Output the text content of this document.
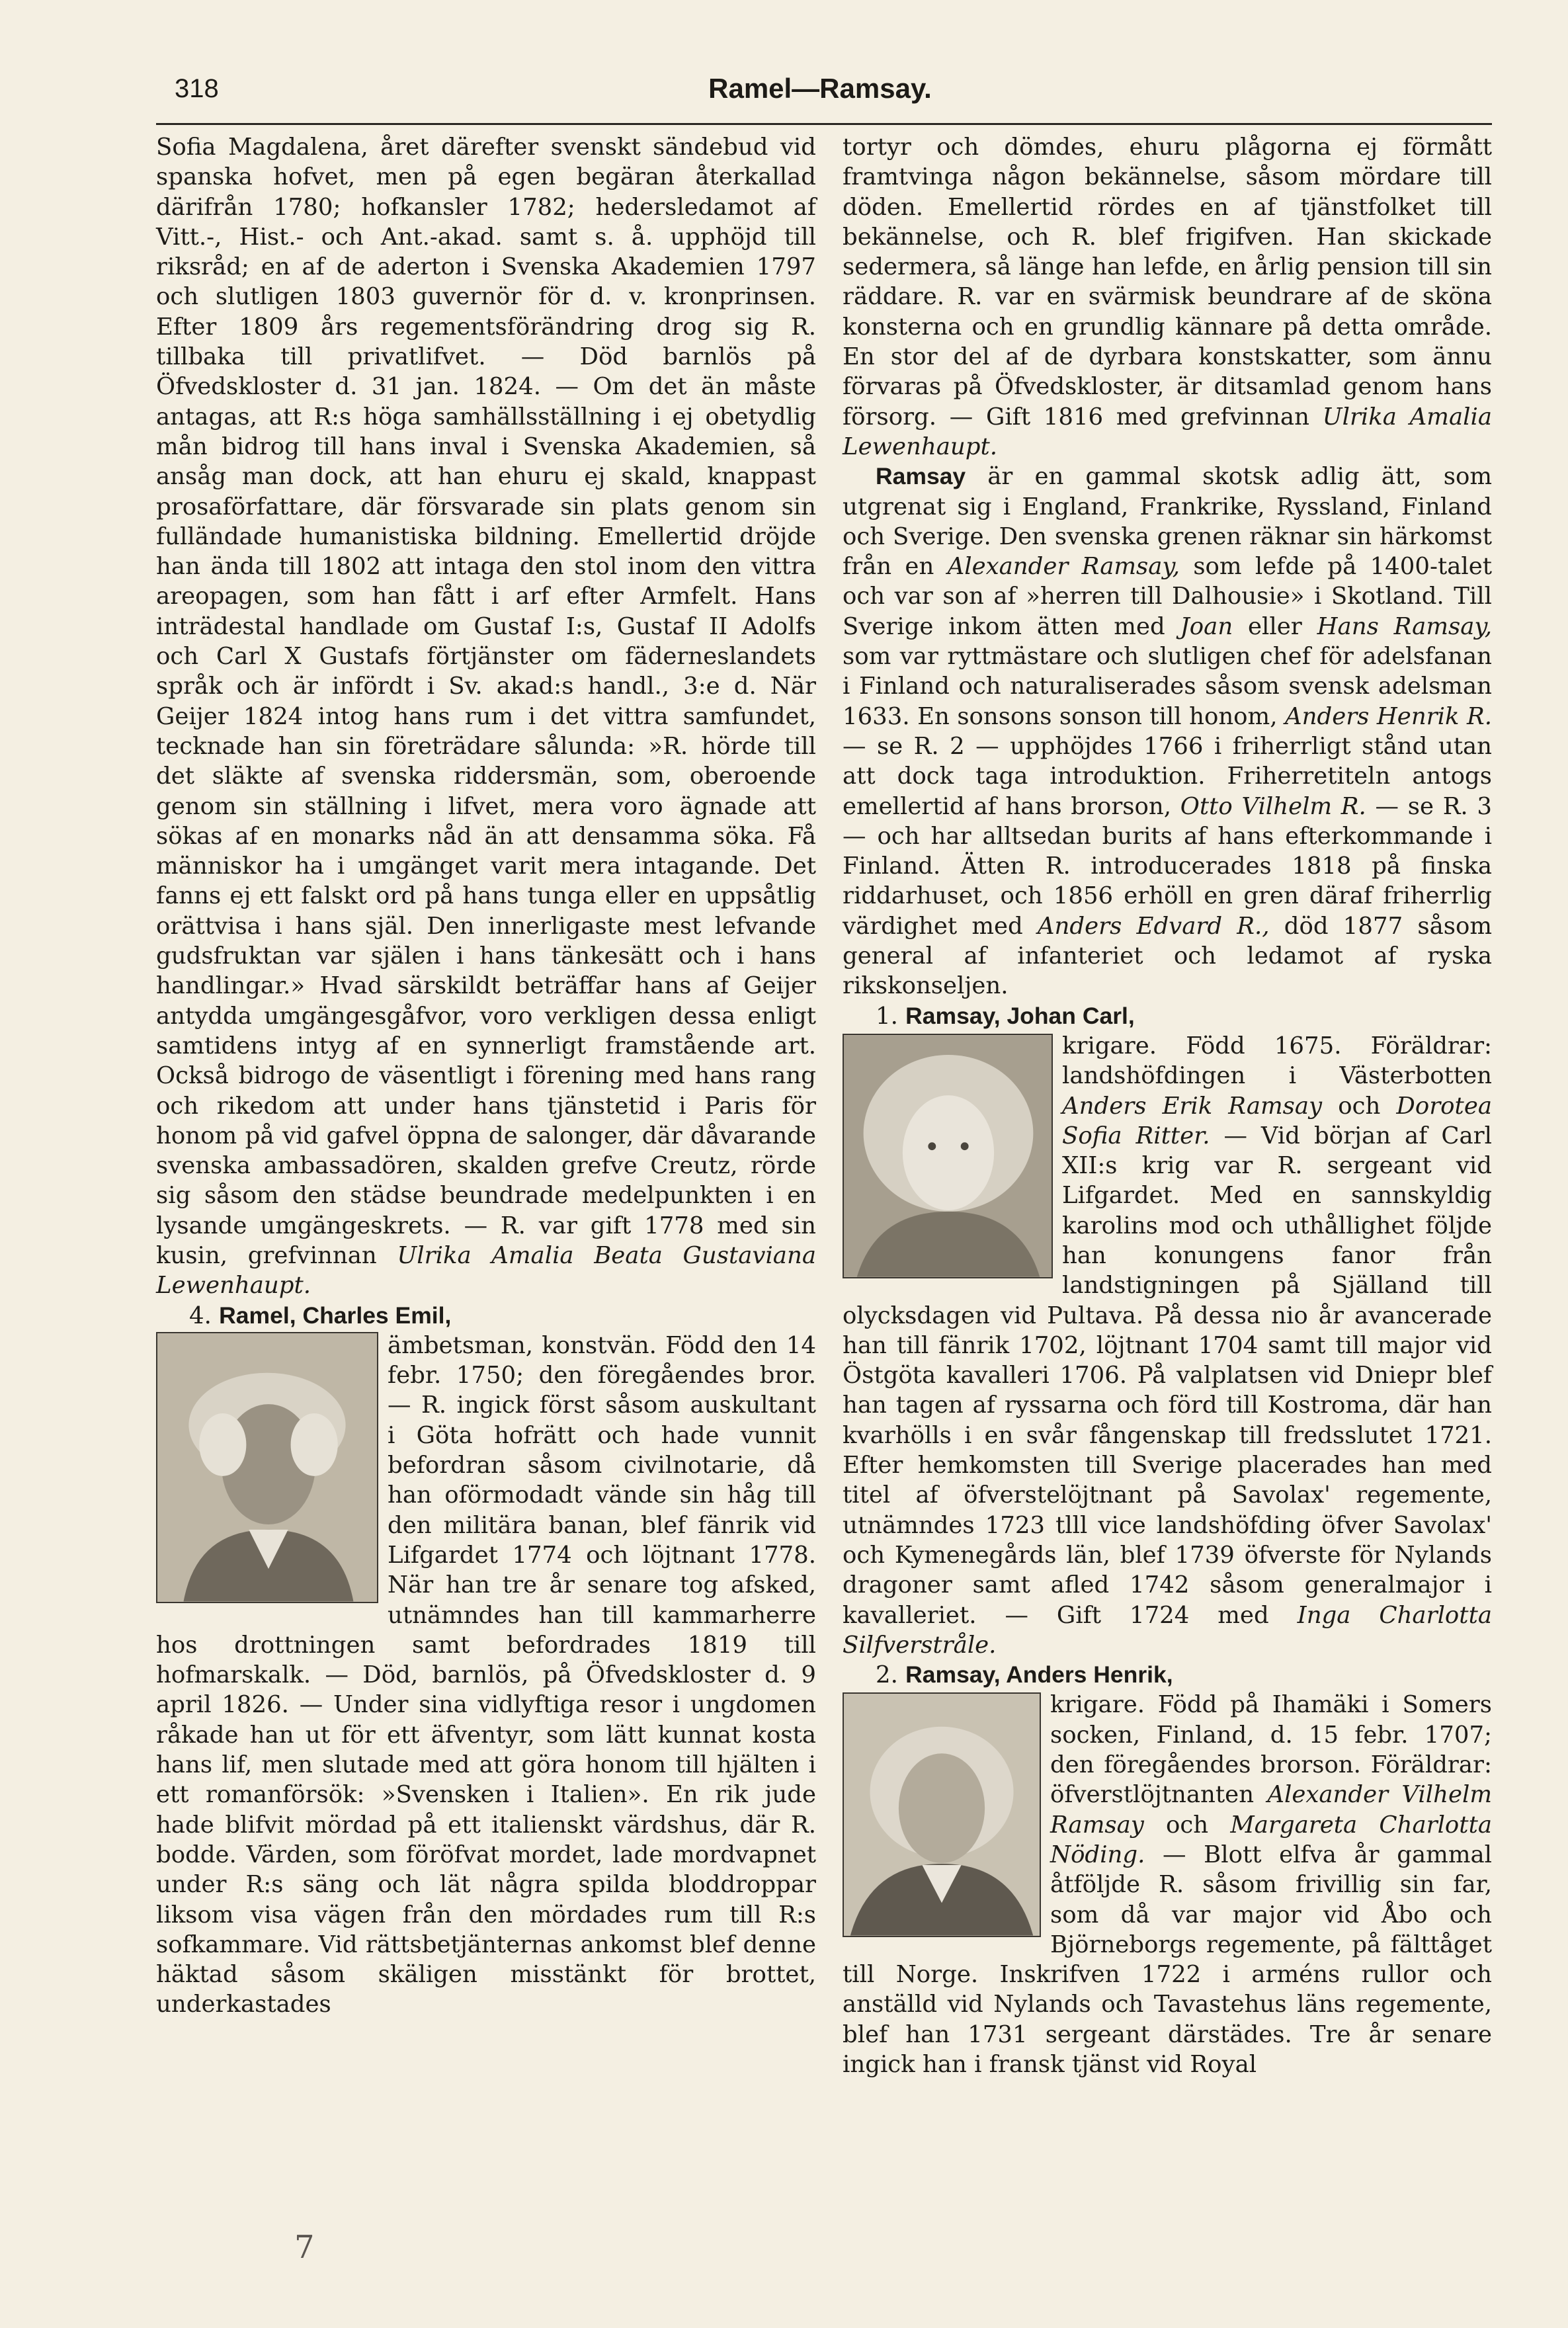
318	Ramel—Ramsay.

Sofia Magdalena, året därefter svenskt sändebud vid spanska hofvet, men på egen begäran återkallad därifrån 1780; hofkansler 1782; hedersledamot af Vitt.-, Hist.- och Ant.-akad. samt s. å. upphöjd till riksråd; en af de aderton i Svenska Akademien 1797 och slutligen 1803 guvernör för d. v. kronprinsen. Efter 1809 års regementsförändring drog sig R. tillbaka till privatlifvet. — Död barnlös på Öfvedskloster d. 31 jan. 1824. — Om det än måste antagas, att R:s höga samhällsställning i ej obetydlig mån bidrog till hans inval i Svenska Akademien, så ansåg man dock, att han ehuru ej skald, knappast prosaförfattare, där försvarade sin plats genom sin fulländade humanistiska bildning. Emellertid dröjde han ända till 1802 att intaga den stol inom den vittra areopagen, som han fått i arf efter Armfelt. Hans inträdestal handlade om Gustaf I:s, Gustaf II Adolfs och Carl X Gustafs förtjänster om fäderneslandets språk och är infördt i Sv. akad:s handl., 3:e d. När Geijer 1824 intog hans rum i det vittra samfundet, tecknade han sin företrädare sålunda: »R. hörde till det släkte af svenska riddersmän, som, oberoende genom sin ställning i lifvet, mera voro ägnade att sökas af en monarks nåd än att densamma söka. Få människor ha i umgänget varit mera intagande. Det fanns ej ett falskt ord på hans tunga eller en uppsåtlig orättvisa i hans själ. Den innerligaste mest lefvande gudsfruktan var själen i hans tänkesätt och i hans handlingar.» Hvad särskildt beträffar hans af Geijer antydda umgängesgåfvor, voro verkligen dessa enligt samtidens intyg af en synnerligt framstående art. Också bidrogo de väsentligt i förening med hans rang och rikedom att under hans tjänstetid i Paris för honom på vid gafvel öppna de salonger, där dåvarande svenska ambassadören, skalden grefve Creutz, rörde sig såsom den städse beundrade medelpunkten i en lysande umgängeskrets. — R. var gift 1778 med sin kusin, grefvinnan Ulrika Amalia Beata Gustaviana Lewenhaupt.

4. Ramel, Charles Emil,

ämbetsman, konstvän. Född den 14 febr. 1750; den föregåendes bror. — R. ingick först såsom auskultant i Göta hofrätt och hade vunnit befordran såsom civilnotarie, då han oförmodadt vände sin håg till den militära banan, blef fänrik vid Lifgardet 1774 och löjtnant 1778. När han tre år senare tog afsked, utnämndes han till kammarherre hos drottningen samt befordrades 1819 till hofmarskalk. — Död, barnlös, på Öfvedskloster d. 9 april 1826. — Under sina vidlyftiga resor i ungdomen råkade han ut för ett äfventyr, som lätt kunnat kosta hans lif, men slutade med att göra honom till hjälten i ett romanförsök: »Svensken i Italien». En rik jude hade blifvit mördad på ett italienskt värdshus, där R. bodde. Värden, som föröfvat mordet, lade mordvapnet under R:s säng och lät några spilda bloddroppar liksom visa vägen från den mördades rum till R:s sofkammare. Vid rättsbetjänternas ankomst blef denne häktad såsom skäligen misstänkt för brottet, underkastades

tortyr och dömdes, ehuru plågorna ej förmått framtvinga någon bekännelse, såsom mördare till döden. Emellertid rördes en af tjänstfolket till bekännelse, och R. blef frigifven. Han skickade sedermera, så länge han lefde, en årlig pension till sin räddare. R. var en svärmisk beundrare af de sköna konsterna och en grundlig kännare på detta område. En stor del af de dyrbara konstskatter, som ännu förvaras på Öfvedskloster, är ditsamlad genom hans försorg. — Gift 1816 med grefvinnan Ulrika Amalia Lewenhaupt.

Ramsay är en gammal skotsk adlig ätt, som utgrenat sig i England, Frankrike, Ryssland, Finland och Sverige. Den svenska grenen räknar sin härkomst från en Alexander Ramsay, som lefde på 1400-talet och var son af »herren till Dalhousie» i Skotland. Till Sverige inkom ätten med Joan eller Hans Ramsay, som var ryttmästare och slutligen chef för adelsfanan i Finland och naturaliserades såsom svensk adelsman 1633. En sonsons sonson till honom, Anders Henrik R. — se R. 2 — upphöjdes 1766 i friherrligt stånd utan att dock taga introduktion. Friherretiteln antogs emellertid af hans brorson, Otto Vilhelm R. — se R. 3 — och har alltsedan burits af hans efterkommande i Finland. Ätten R. introducerades 1818 på finska riddarhuset, och 1856 erhöll en gren däraf friherrlig värdighet med Anders Edvard R., död 1877 såsom general af infanteriet och ledamot af ryska rikskonseljen.

1. Ramsay, Johan Carl,

krigare. Född 1675. Föräldrar: landshöfdingen i Västerbotten Anders Erik Ramsay och Dorotea Sofia Ritter. — Vid början af Carl XII:s krig var R. sergeant vid Lifgardet. Med en sannskyldig karolins mod och uthållighet följde han konungens fanor från landstigningen på Själland till olycksdagen vid Pultava. På dessa nio år avancerade han till fänrik 1702, löjtnant 1704 samt till major vid Östgöta kavalleri 1706. På valplatsen vid Dniepr blef han tagen af ryssarna och förd till Kostroma, där han kvarhölls i en svår fångenskap till fredsslutet 1721. Efter hemkomsten till Sverige placerades han med titel af öfverstelöjtnant på Savolax' regemente, utnämndes 1723 tlll vice landshöfding öfver Savolax' och Kymenegårds län, blef 1739 öfverste för Nylands dragoner samt afled 1742 såsom generalmajor i kavalleriet. — Gift 1724 med Inga Charlotta Silfverstråle.

2. Ramsay, Anders Henrik,

krigare. Född på Ihamäki i Somers socken, Finland, d. 15 febr. 1707; den föregåendes brorson. Föräldrar: öfverstlöjtnanten Alexander Vilhelm Ramsay och Margareta Charlotta Nöding. — Blott elfva år gammal åtföljde R. såsom frivillig sin far, som då var major vid Åbo och Björneborgs regemente, på fälttåget till Norge. Inskrifven 1722 i arméns rullor och anställd vid Nylands och Tavastehus läns regemente, blef han 1731 sergeant därstädes. Tre år senare ingick han i fransk tjänst vid Royal

7
